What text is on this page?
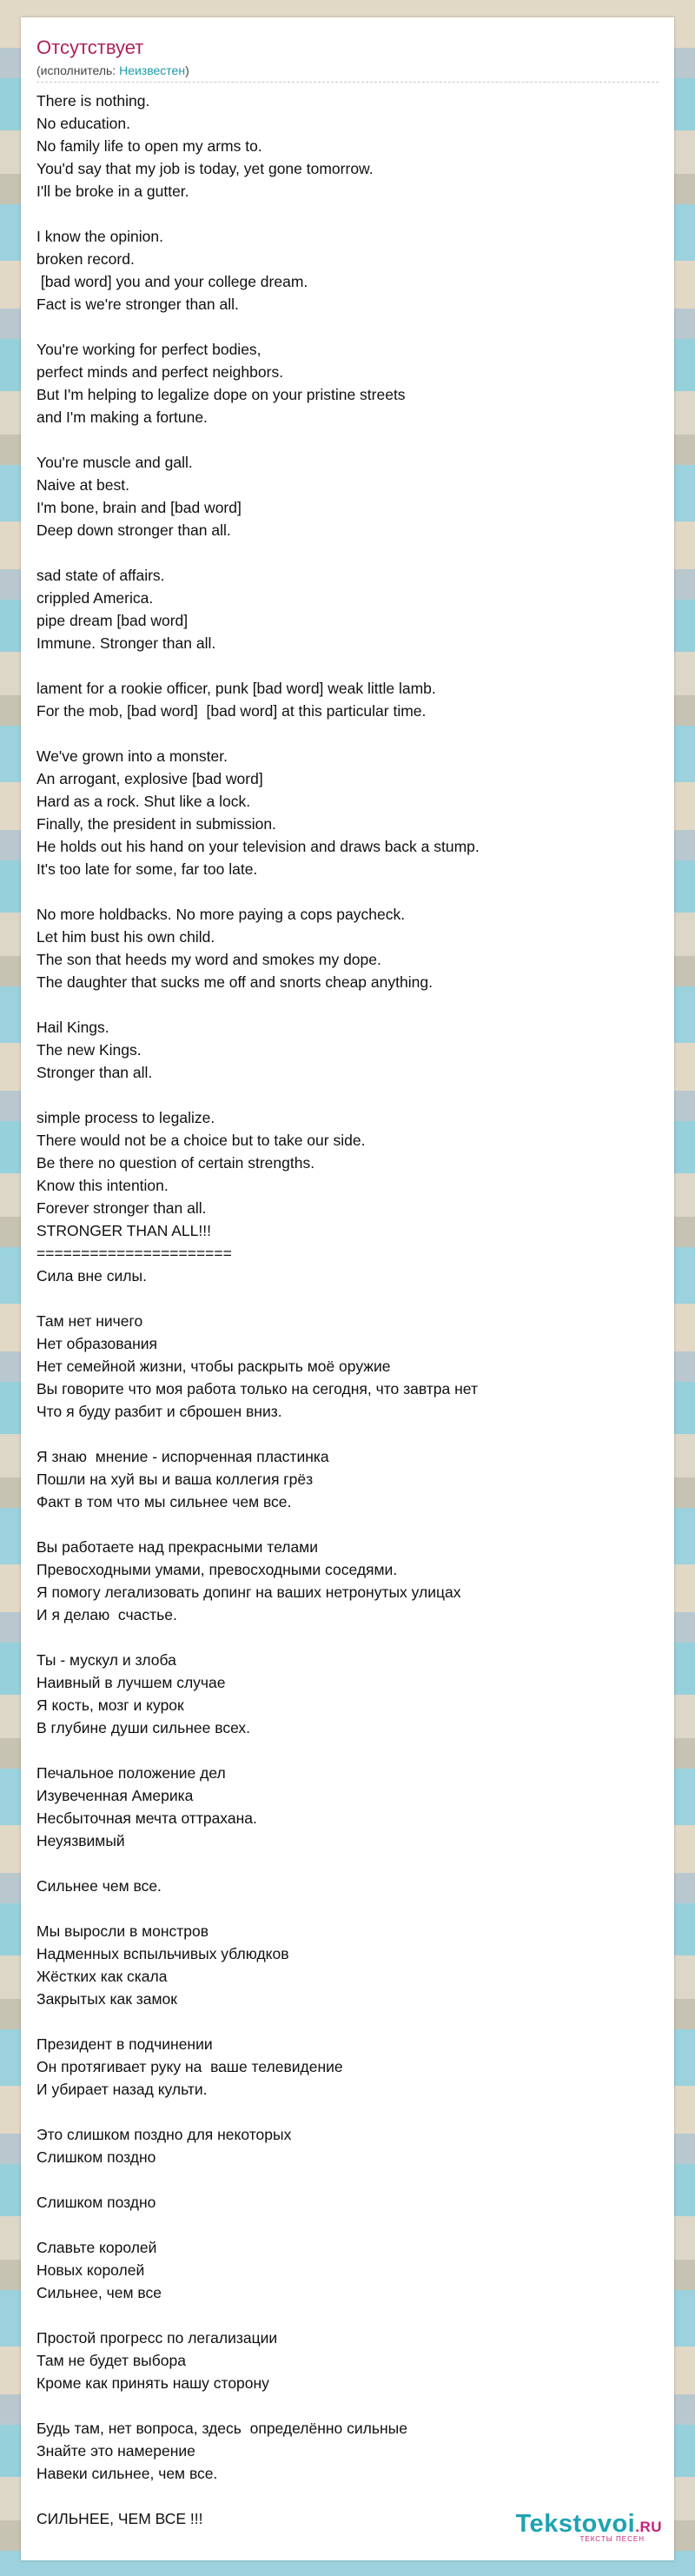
Отсутствует
(исполнитель: Неизвестен)
There is nothing.
No education.
No family life to open my arms to.
You'd say that my job is today, yet gone tomorrow.
I'll be broke in a gutter.
I know the opinion.
broken record.
[bad word] you and your college dream.
Fact is we're stronger than all.
You're working for perfect bodies,
perfect minds and perfect neighbors.
But I'm helping to legalize dope on your pristine streets
and I'm making a fortune.
You're muscle and gall.
Naive at best.
I'm bone, brain and [bad word]
Deep down stronger than all.
sad state of affairs.
crippled America.
pipe dream [bad word]
Immune. Stronger than all.
lament for a rookie officer, punk [bad word] weak little lamb.
For the mob, [bad word]  [bad word] at this particular time.
We've grown into a monster.
An arrogant, explosive [bad word]
Hard as a rock. Shut like a lock.
Finally, the president in submission.
He holds out his hand on your television and draws back a stump.
It's too late for some, far too late.
No more holdbacks. No more paying a cops paycheck.
Let him bust his own child.
The son that heeds my word and smokes my dope.
The daughter that sucks me off and snorts cheap anything.
Hail Kings.
The new Kings.
Stronger than all.
simple process to legalize.
There would not be a choice but to take our side.
Be there no question of certain strengths.
Know this intention.
Forever stronger than all.
STRONGER THAN ALL!!!
======================
Сила вне силы.
Там нет ничего
Нет образования
Нет семейной жизни, чтобы раскрыть моё оружие
Вы говорите что моя работа только на сегодня, что завтра нет
Что я буду разбит и сброшен вниз.
Я знаю  мнение - испорченная пластинка
Пошли на хуй вы и ваша коллегия грёз
Факт в том что мы сильнее чем все.
Вы работаете над прекрасными телами
Превосходными умами, превосходными соседями.
Я помогу легализовать допинг на ваших нетронутых улицах
И я делаю  счастье.
Ты - мускул и злоба
Наивный в лучшем случае
Я кость, мозг и курок
В глубине души сильнее всех.
Печальное положение дел
Изувеченная Америка
Несбыточная мечта оттрахана.
Неуязвимый
Сильнее чем все.
Мы выросли в монстров
Надменных вспыльчивых ублюдков
Жёстких как скала
Закрытых как замок
Президент в подчинении
Он протягивает руку на  ваше телевидение
И убирает назад культи.
Это слишком поздно для некоторых
Слишком поздно
Слишком поздно
Славьте королей
Новых королей
Сильнее, чем все
Простой прогресс по легализации
Там не будет выбора
Кроме как принять нашу сторону
Будь там, нет вопроса, здесь  определённо сильные
Знайте это намерение
Навеки сильнее, чем все.
СИЛЬНЕЕ, ЧЕМ ВСЕ !!!	Tekstovoi.RU
ТЕКСТЫ ПЕСЕН
